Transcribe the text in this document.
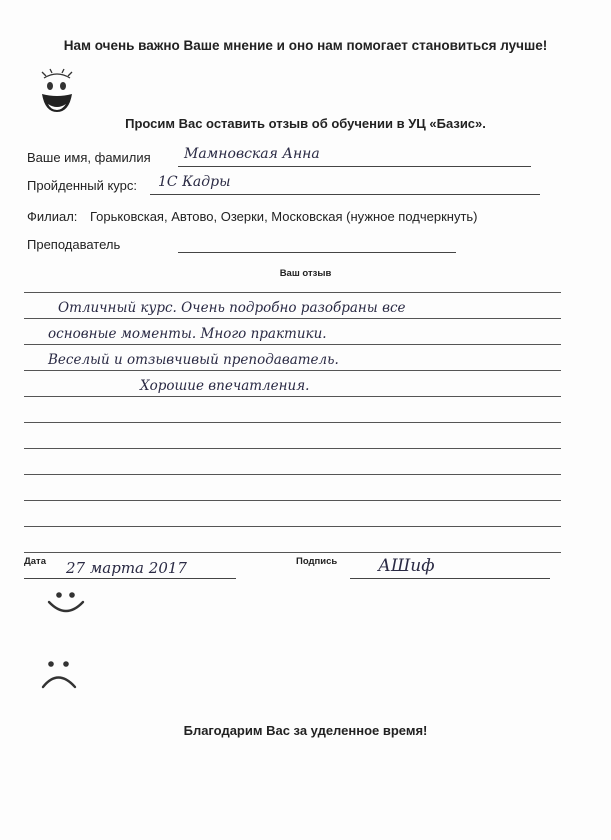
Нам очень важно Ваше мнение и оно нам помогает становиться лучше!
Просим Вас оставить отзыв об обучении в УЦ «Базис».
Ваше имя, фамилия Мамновская Анна
Пройденный курс: 1С Кадры
Филиал: Горьковская, Автово, Озерки, Московская (нужное подчеркнуть)
Преподаватель
Ваш отзыв
Отличный курс. Очень подробно разобраны все
основные моменты. Много практики.
Веселый и отзывчивый преподаватель.
Хорошие впечатления.
Дата 27 марта 2017	Подпись АШиф
Благодарим Вас за уделенное время!
